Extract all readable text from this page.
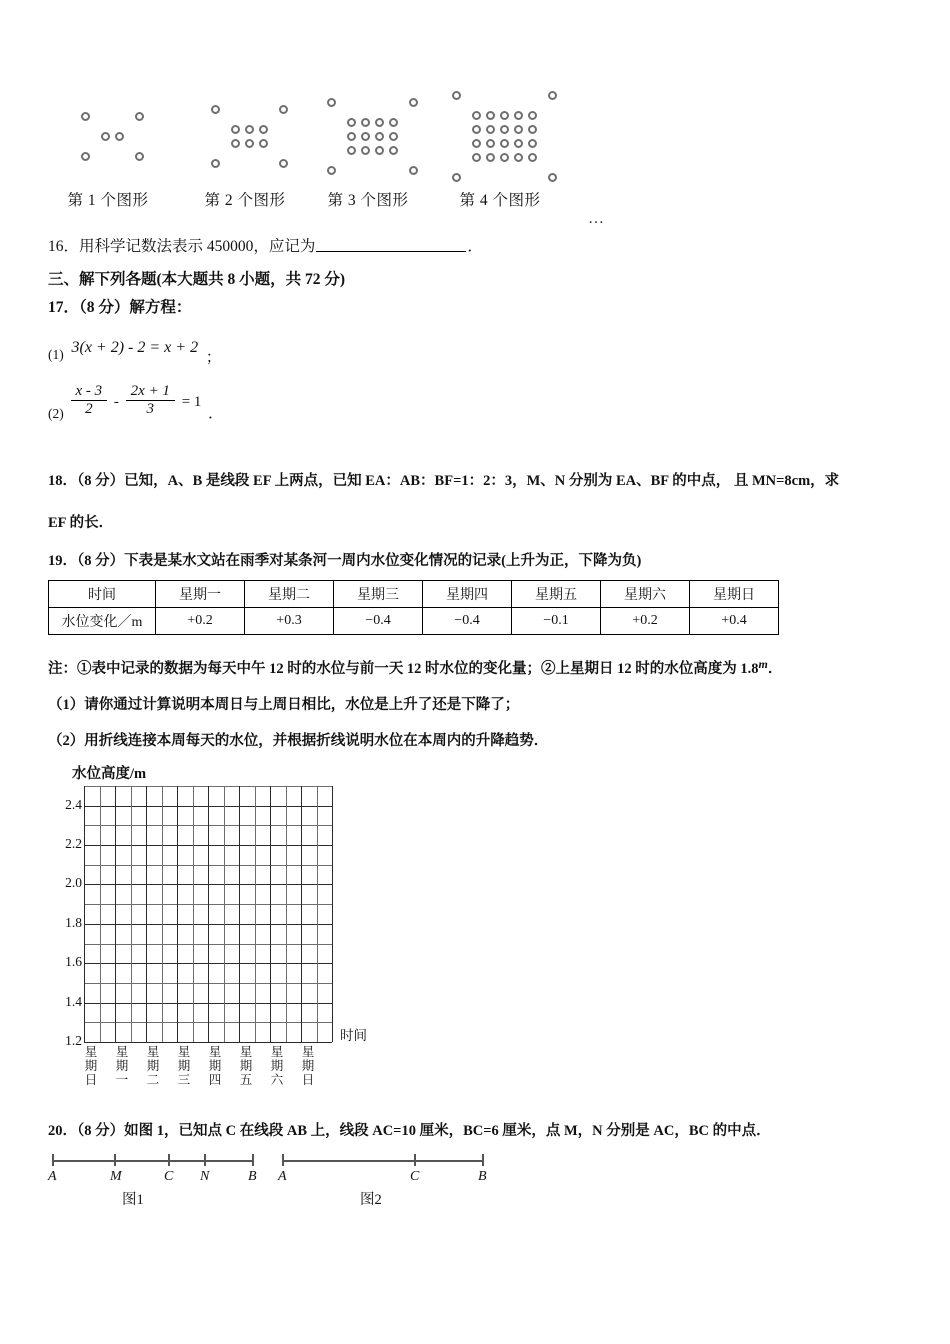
第 1 个图形	第 2 个图形	第 3 个图形	第 4 个图形
…
16．用科学记数法表示 450000，应记为	．
三、解下列各题(本大题共 8 小题，共 72 分)
17．（8 分）解方程：
(1) 3(x + 2) - 2 = x + 2 ；
$(2) \frac{x - 3}{2} - \frac{2x + 1}{3} = 1$ ．
18．（8 分）已知，A、B 是线段 EF 上两点，已知 EA：AB：BF=1：2：3，M、N 分别为 EA、BF 的中点， 且 MN=8cm，求
EF 的长．
19．（8 分）下表是某水文站在雨季对某条河一周内水位变化情况的记录(上升为正，下降为负)
时间	星期一	星期二	星期三	星期四	星期五	星期六	星期日
水位变化／m	+0.2	+0.3	−0.4	−0.4	−0.1	+0.2	+0.4
注：①表中记录的数据为每天中午 12 时的水位与前一天 12 时水位的变化量；②上星期日 12 时的水位高度为 1.8$^m$．
（1）请你通过计算说明本周日与上周日相比，水位是上升了还是下降了；
（2）用折线连接本周每天的水位，并根据折线说明水位在本周内的升降趋势．
水位高度/m
2.4
2.2
2.0
1.8
1.6
1.4
1.2
星期日
星期一
星期二
星期三
星期四
星期五
星期六
星期日
时间
20．（8 分）如图 1，已知点 C 在线段 AB 上，线段 AC=10 厘米，BC=6 厘米，点 M，N 分别是 AC，BC 的中点．
A	M	C N	B
图1
A	C	B
图2
